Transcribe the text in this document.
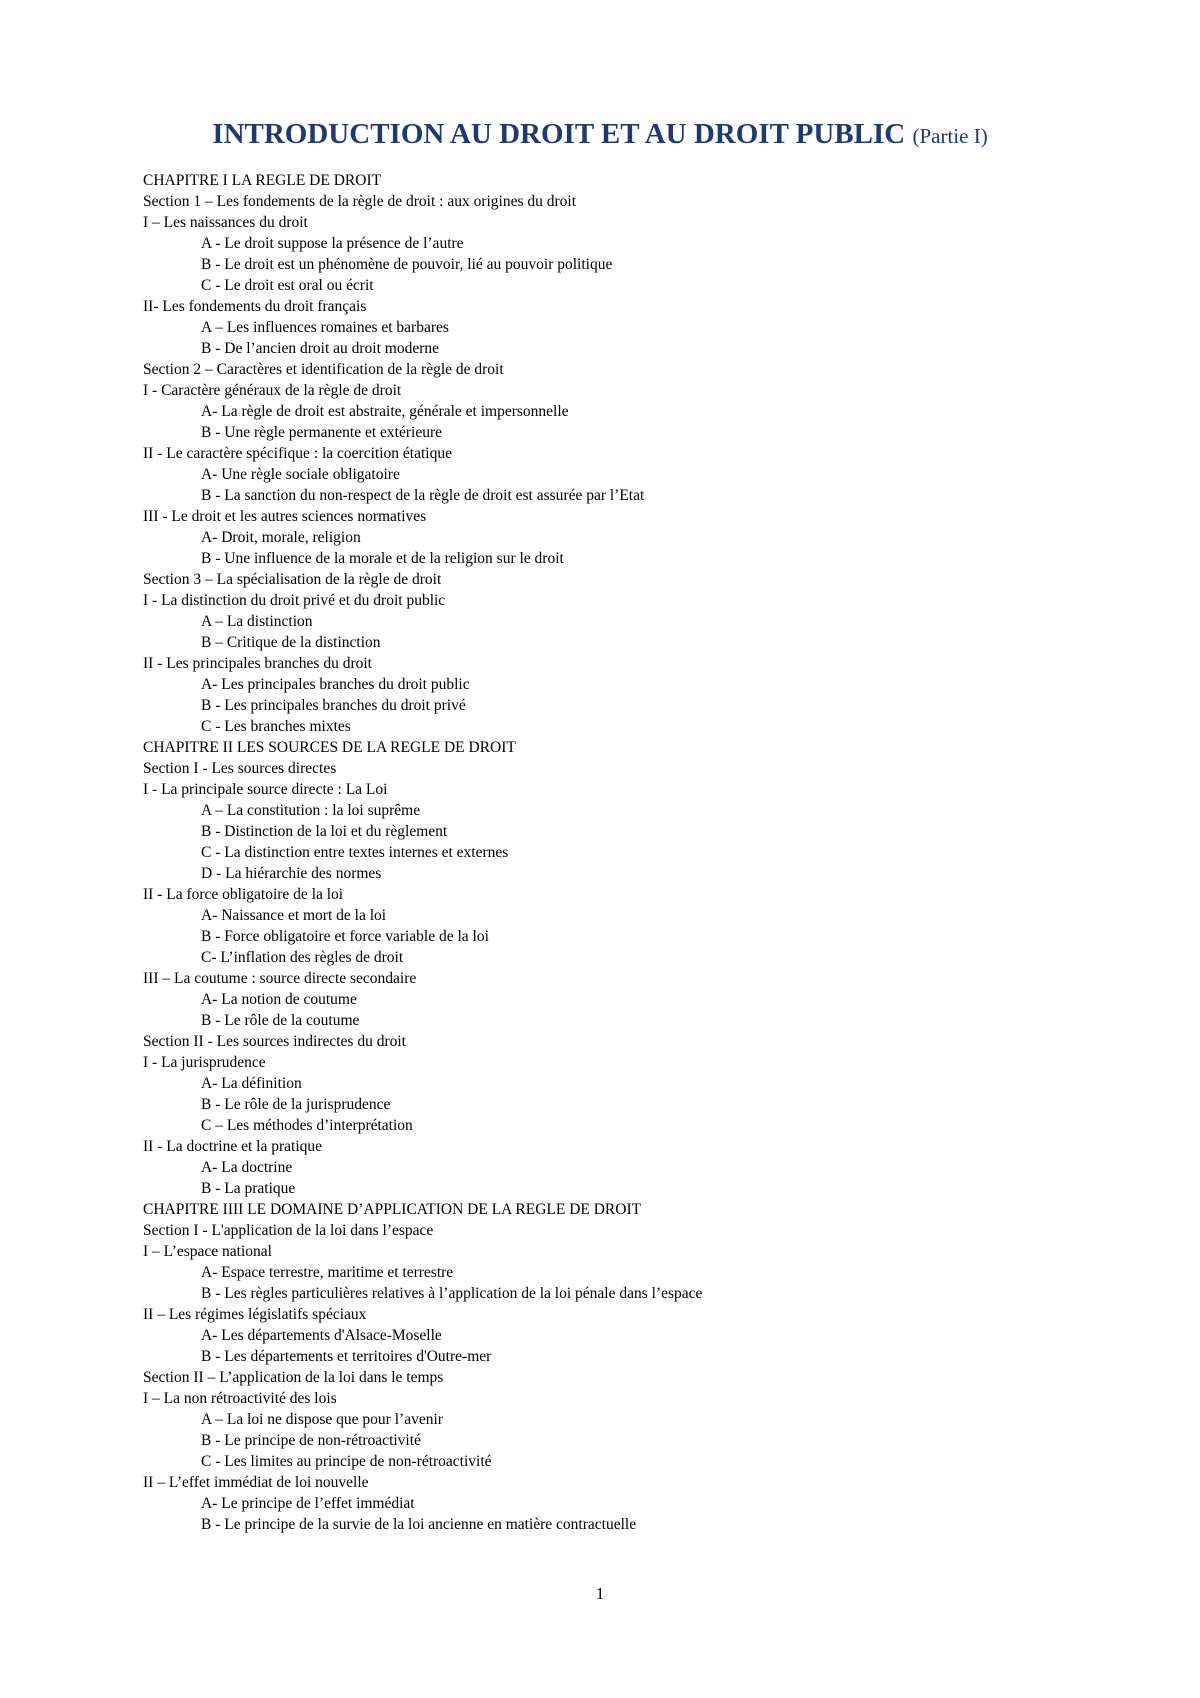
INTRODUCTION AU DROIT ET AU DROIT PUBLIC (Partie I)
CHAPITRE I LA REGLE DE DROIT
Section 1 – Les fondements de la règle de droit : aux origines du droit
I – Les naissances du droit
A - Le droit suppose la présence de l’autre
B - Le droit est un phénomène de pouvoir, lié au pouvoir politique
C - Le droit est oral ou écrit
II- Les fondements du droit français
A – Les influences romaines et barbares
B - De l’ancien droit au droit moderne
Section 2 – Caractères et identification de la règle de droit
I - Caractère généraux de la règle de droit
A- La règle de droit est abstraite, générale et impersonnelle
B - Une règle permanente et extérieure
II - Le caractère spécifique : la coercition étatique
A- Une règle sociale obligatoire
B - La sanction du non-respect de la règle de droit est assurée par l’Etat
III - Le droit et les autres sciences normatives
A- Droit, morale, religion
B - Une influence de la morale et de la religion sur le droit
Section 3 – La spécialisation de la règle de droit
I - La distinction du droit privé et du droit public
A – La distinction
B – Critique de la distinction
II - Les principales branches du droit
A- Les principales branches du droit public
B - Les principales branches du droit privé
C - Les branches mixtes
CHAPITRE II LES SOURCES DE LA REGLE DE DROIT
Section I - Les sources directes
I - La principale source directe : La Loi
A – La constitution : la loi suprême
B - Distinction de la loi et du règlement
C - La distinction entre textes internes et externes
D - La hiérarchie des normes
II - La force obligatoire de la loi
A- Naissance et mort de la loi
B - Force obligatoire et force variable de la loi
C- L’inflation des règles de droit
III – La coutume : source directe secondaire
A- La notion de coutume
B - Le rôle de la coutume
Section II - Les sources indirectes du droit
I - La jurisprudence
A- La définition
B - Le rôle de la jurisprudence
C – Les méthodes d’interprétation
II - La doctrine et la pratique
A- La doctrine
B - La pratique
CHAPITRE IIII LE DOMAINE D’APPLICATION DE LA REGLE DE DROIT
Section I - L'application de la loi dans l’espace
I – L’espace national
A- Espace terrestre, maritime et terrestre
B - Les règles particulières relatives à l’application de la loi pénale dans l’espace
II – Les régimes législatifs spéciaux
A- Les départements d'Alsace-Moselle
B - Les départements et territoires d'Outre-mer
Section II – L’application de la loi dans le temps
I – La non rétroactivité des lois
A – La loi ne dispose que pour l’avenir
B - Le principe de non-rétroactivité
C - Les limites au principe de non-rétroactivité
II – L’effet immédiat de loi nouvelle
A- Le principe de l’effet immédiat
B - Le principe de la survie de la loi ancienne en matière contractuelle
1
